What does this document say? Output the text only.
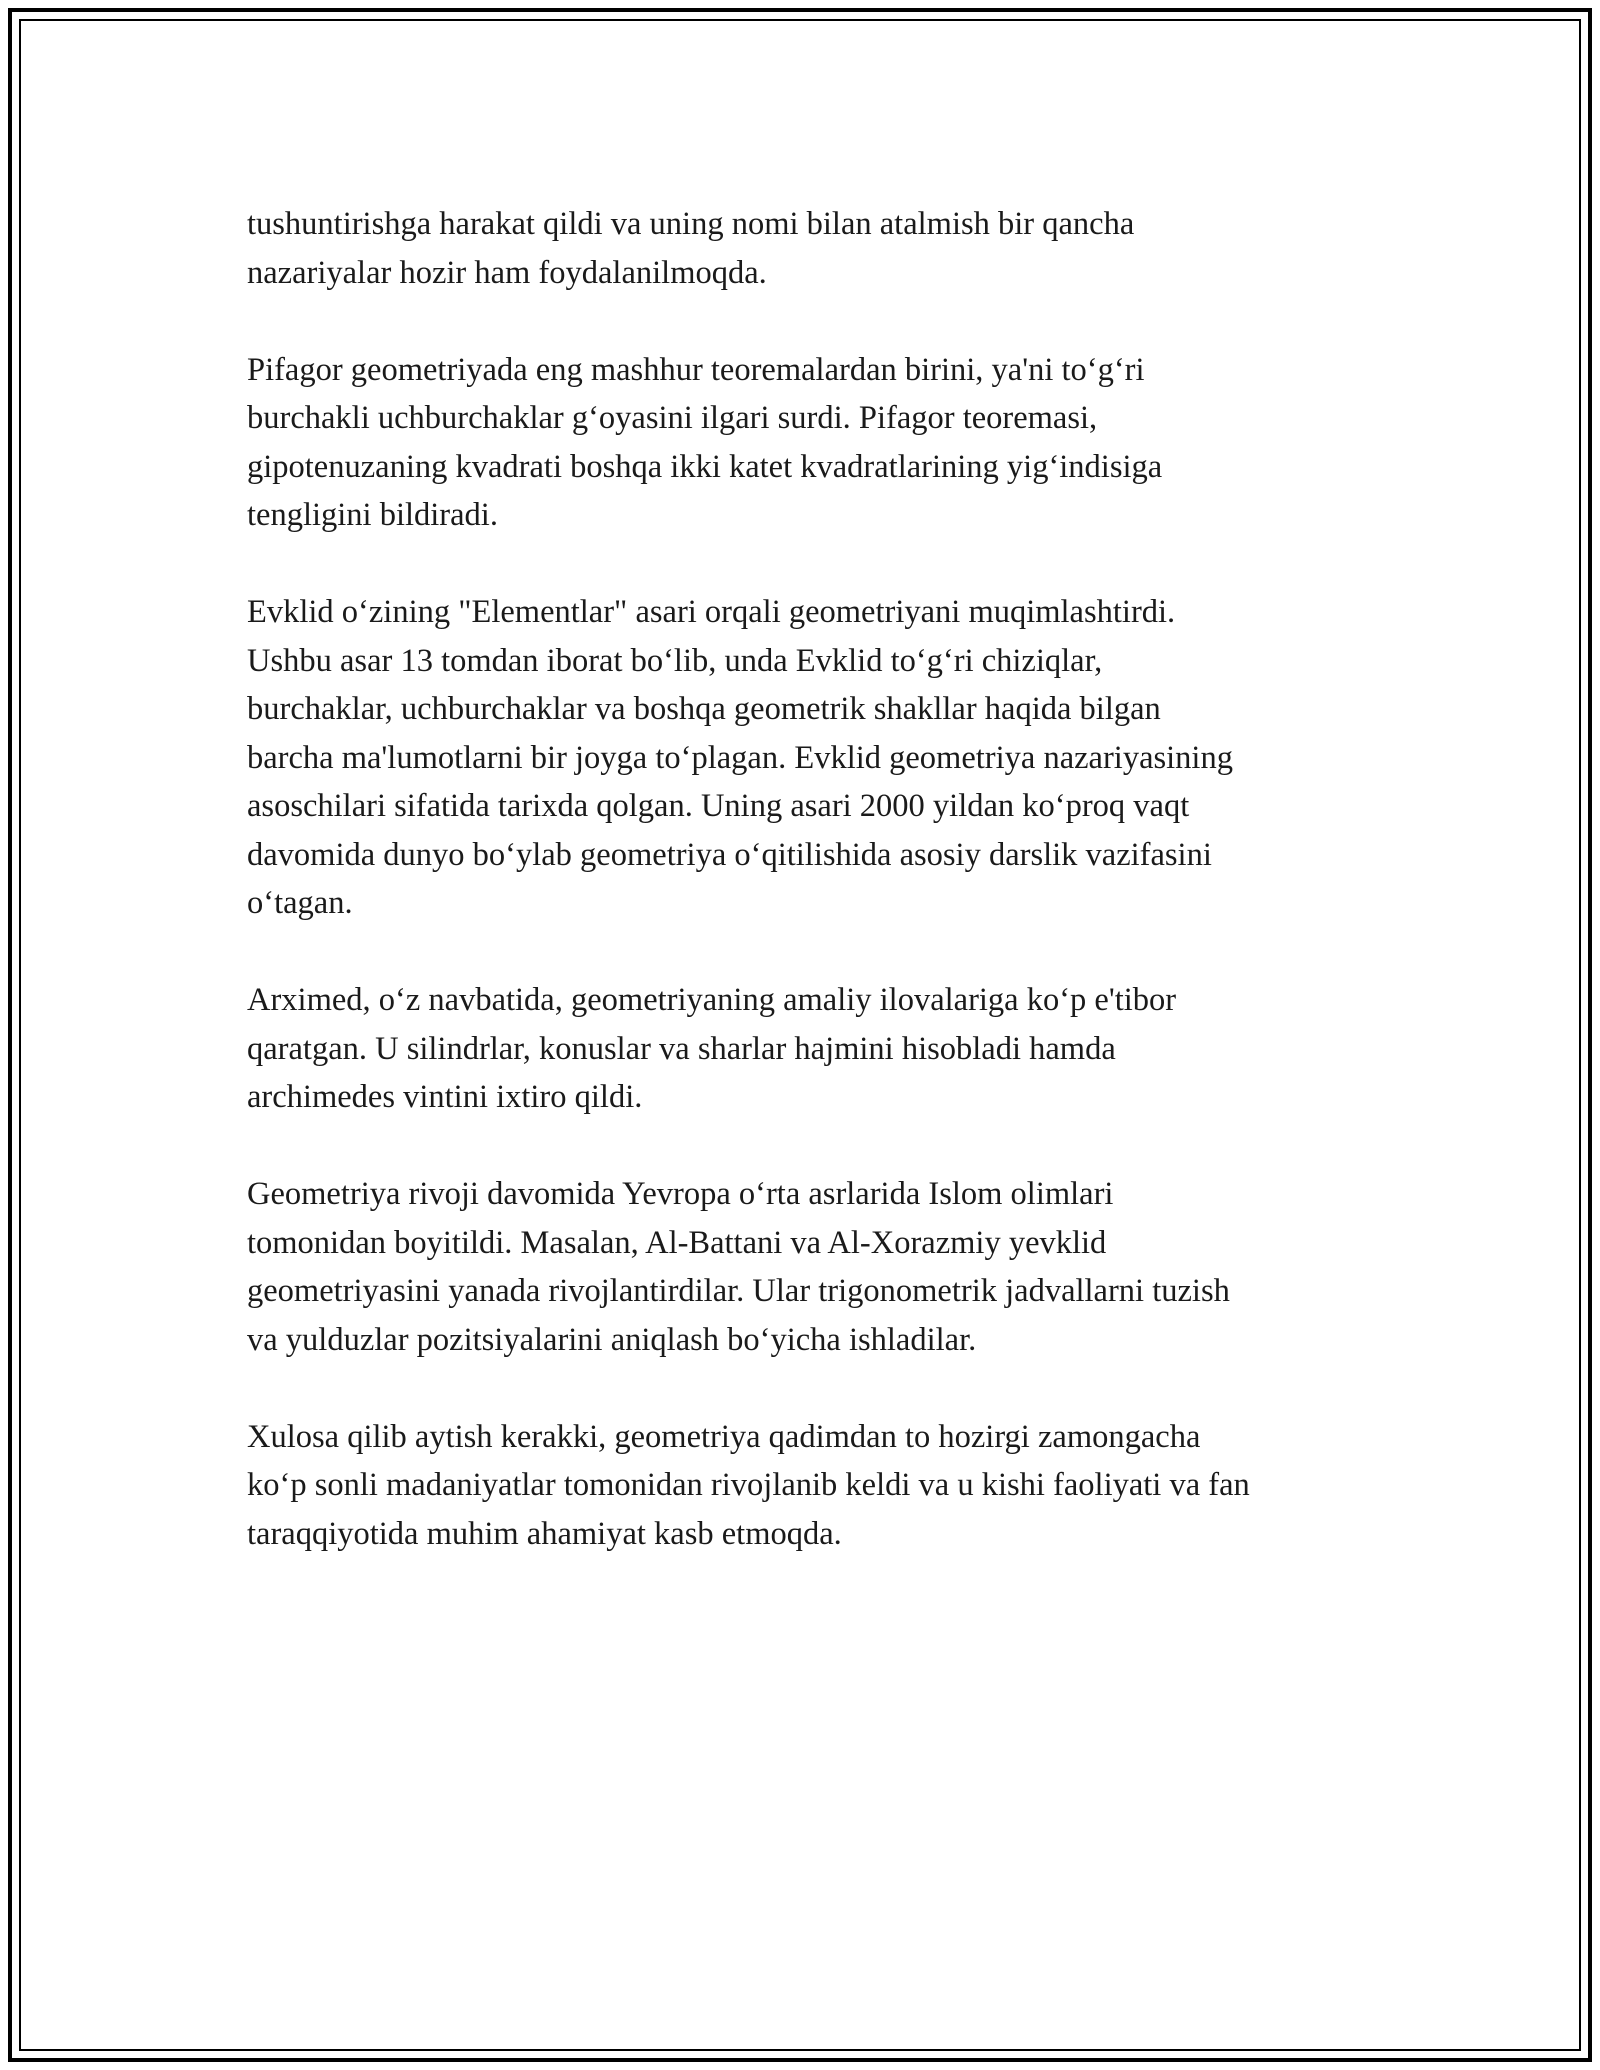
tushuntirishga harakat qildi va uning nomi bilan atalmish bir qancha
nazariyalar hozir ham foydalanilmoqda.

Pifagor geometriyada eng mashhur teoremalardan birini, ya'ni to‘g‘ri
burchakli uchburchaklar g‘oyasini ilgari surdi. Pifagor teoremasi,
gipotenuzaning kvadrati boshqa ikki katet kvadratlarining yig‘indisiga
tengligini bildiradi.

Evklid o‘zining "Elementlar" asari orqali geometriyani muqimlashtirdi.
Ushbu asar 13 tomdan iborat bo‘lib, unda Evklid to‘g‘ri chiziqlar,
burchaklar, uchburchaklar va boshqa geometrik shakllar haqida bilgan
barcha ma'lumotlarni bir joyga to‘plagan. Evklid geometriya nazariyasining
asoschilari sifatida tarixda qolgan. Uning asari 2000 yildan ko‘proq vaqt
davomida dunyo bo‘ylab geometriya o‘qitilishida asosiy darslik vazifasini
o‘tagan.

Arximed, o‘z navbatida, geometriyaning amaliy ilovalariga ko‘p e'tibor
qaratgan. U silindrlar, konuslar va sharlar hajmini hisobladi hamda
archimedes vintini ixtiro qildi.

Geometriya rivoji davomida Yevropa o‘rta asrlarida Islom olimlari
tomonidan boyitildi. Masalan, Al-Battani va Al-Xorazmiy yevklid
geometriyasini yanada rivojlantirdilar. Ular trigonometrik jadvallarni tuzish
va yulduzlar pozitsiyalarini aniqlash bo‘yicha ishladilar.

Xulosa qilib aytish kerakki, geometriya qadimdan to hozirgi zamongacha
ko‘p sonli madaniyatlar tomonidan rivojlanib keldi va u kishi faoliyati va fan
taraqqiyotida muhim ahamiyat kasb etmoqda.
